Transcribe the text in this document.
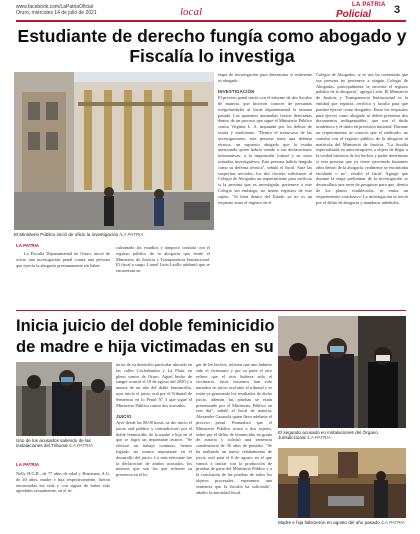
www.facebook.com/LaPatriaOficial
Oruro, miércoles 14 de julio de 2021	local
LA PATRIA
Policial 3
Estudiante de derecho fungía como abogado y Fiscalía lo investiga
El Ministerio Público inició de oficio la investigación /LA PATRIA
LA PATRIA
La Fiscalía Departamental de Oruro, inició de oficio una investigación penal contra una persona que ejercía la abogacía presuntamente sin haber
culminado los estudios y tampoco contaría con el registro público de la abogacía que emite el Ministerio de Justicia y Transparencia Institucional. El fiscal a cargo, Lionel León Latillo adelantó que se encuentran en
etapa de investigación para determinar si realmente es abogado.

INVESTIGACIÓN
El proceso penal inició con el informe de dos fiscales de materia, que hicieron conocer de presuntas irregularidades al fiscal departamental la semana pasada. Las aparentes anomalías fueron detectadas dentro de un proceso que sigue el Ministerio Público contra Virginia L. A. imputada por los delitos de estafa y estelionato. "Dentro el transcurso de las investigaciones, esta persona tenía una defensa técnica, un supuesto abogado que la estaba asesorando quien habría venido a sus declaraciones informativas, a la imputación formal y en otros actuados investigativos. Esta persona habría fungido como su defensa técnica", señaló el fiscal. Ante las sospechas iniciales, los dos fiscales solicitaron al Colegio de Abogados un requerimiento para verificar si la persona que es investigada, pertenece a este Colegio sin embargo, no tienen registros de este sujeto. "Si bien dentro del Estado ya no es un requisito tener el registro en el
Colegio de Abogados, sí se nos ha contestado que esa persona no pertenece a ningún Colegio de Abogados, principalmente se necesita el registro público de la abogacía", agregó León. El Ministerio de Justicia y Transparencia Institucional es la entidad que registra, certifica y faculta para que puedan ejercer como abogados. Entre los requisitos para ejercer como abogado se deben presentar dos documentos indispensables, que son el título académico y el título en provisión nacional. Durante un requerimiento se conoció que el sindicado, no contaba con el registro público de la abogacía ni matrícula del Ministerio de Justicia. "La fiscalía especializada en anticorrupción, a objeto de llegar a la verdad histórica de los hechos y poder determinar si esta persona que ya viene ejerciendo bastantes años dentro de la abogacía, realmente se encontraba facultado o no", resaltó el fiscal. Agregó que durante la etapa preliminar de la investigación se desarrollará una serie de pesquisas para que, dentro de los plazos establecidos, se emita un requerimiento conclusivo. La investigación se inició por el delito de abogacía y mandatos indebidos.
Inicia juicio del doble feminicidio de madre e hija victimadas en su
Uno de los acusados saliendo de las instalaciones del Tribunal /LA PATRIA
LA PATRIA
Nelly H.G.R., de 77 años de edad y Rosemary A.G. de 40 años, madre e hija respectivamente, fueron encontradas sin vida y con signos de haber sido agredidas sexualmente, en el in-
terior de su domicilio particular ubicado en las calles Cochabamba y La Plata, en pleno centro de Oruro. Aquel hecho de sangre ocurrió el 18 de agosto del 2020 y a menos de un año del doble feminicidio, ayer inició el juicio oral por el Tribunal de Sentencia en lo Penal Nº 3 que sigue el Ministerio Público contra dos acusados.

JUICIO
Ayer desde las 08:00 horas, se dio inicio el juicio oral público y contradictorio por el doble feminicidio de la madre e hija en el que se logró un importante avance. "Se efectuó un trabajo continuo, hemos logrado un avance importante en el desarrollo del juicio. Lo más relevante fue la declaración de ambos acusados, los mismos que son los que refieren su presencia en el lu-
gar de los hechos, refieren que uno hubiese sido el victimario y por su parte el otro refiere que el otro hubiera sido el victimario, estos extremos han sido narrados en juicio oral ante el tribunal y se están ya generando los resultados de dicho juicio, además las pruebas se están presentando por el Ministerio Público en este día", señaló el fiscal de materia, Alexander Casazola quien lleva adelante el proceso penal. Puntualizó que el Ministerio Público acusó a dos sujetos, sobre por el delito de feminicidio en grado de autoría y solicitó una sentencia condenatoria de 30 años de presidio. "Se ha realizado un nuevo señalamiento de juicio oral para el 6 de agosto en el que vamos a iniciar con la producción de pruebas de parte del Ministerio Público y a la conclusión de las pruebas de todos los objetos procesales, esperamos una sentencia que la fiscalía ha solicitado", añadió la autoridad fiscal.
El segundo acusado en instalaciones del Órgano Jurisdiccional /LA PATRIA
Madre e hija fallecieron en agosto del año pasado /LA PATRIA
